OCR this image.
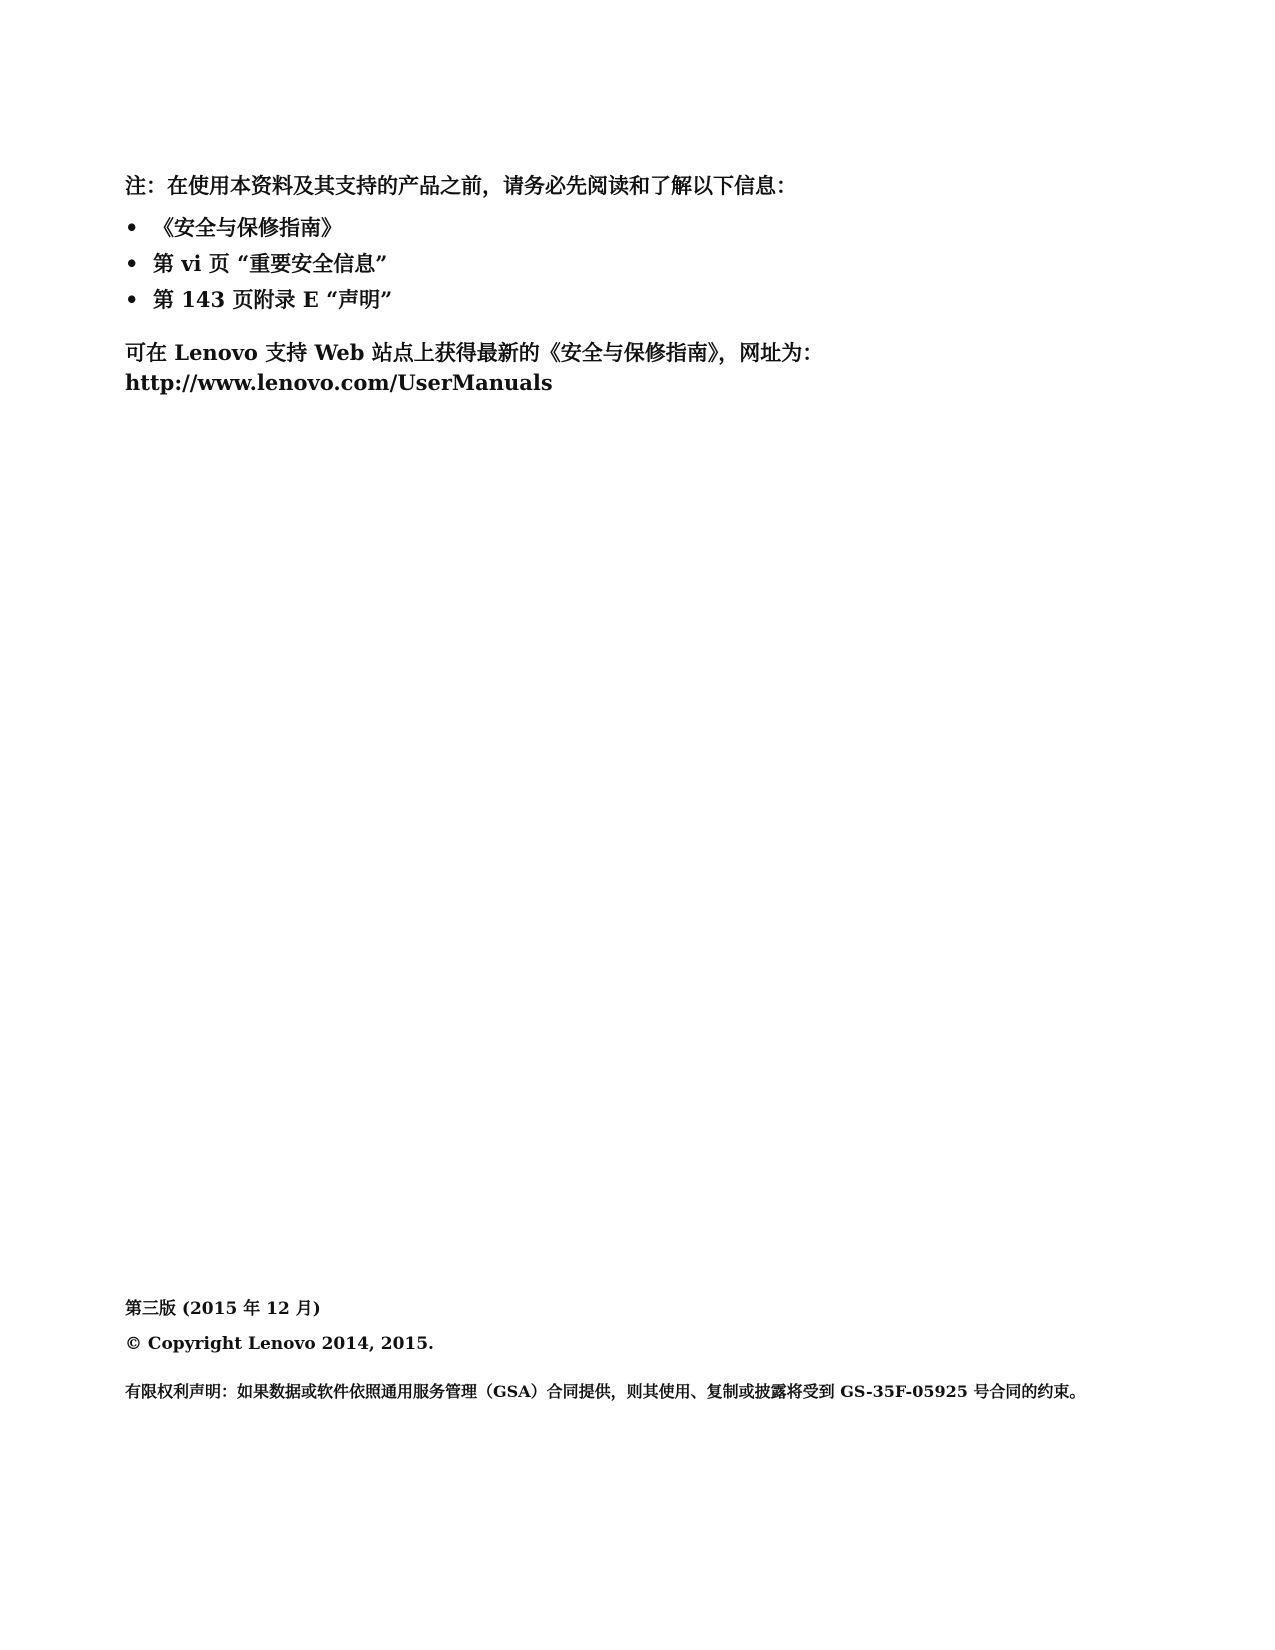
注：在使用本资料及其支持的产品之前，请务必先阅读和了解以下信息：
• 《安全与保修指南》
• 第 vi 页 “重要安全信息”
• 第 143 页附录 E “声明”
可在 Lenovo 支持 Web 站点上获得最新的《安全与保修指南》，网址为：
http://www.lenovo.com/UserManuals
第三版 (2015 年 12 月)
© Copyright Lenovo 2014, 2015.
有限权利声明：如果数据或软件依照通用服务管理（GSA）合同提供，则其使用、复制或披露将受到 GS-35F-05925 号合同的约束。
